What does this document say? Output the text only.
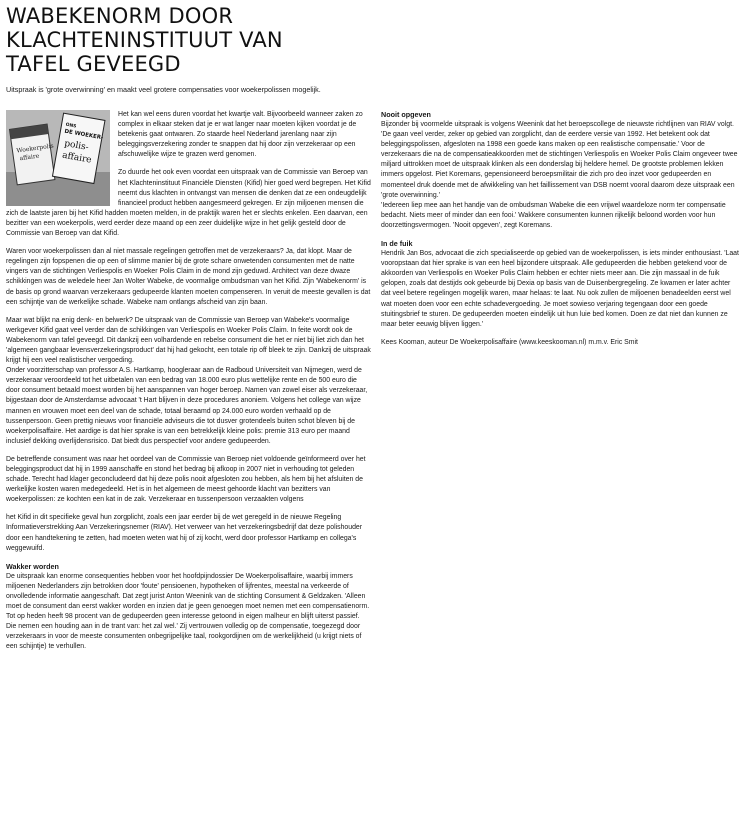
WABEKENORM DOOR
KLACHTENINSTITUUT VAN
TAFEL GEVEEGD

Uitspraak is 'grote overwinning' en maakt veel grotere compensaties voor woekerpolissen mogelijk.

Woekerpolis
affaire
ONS
DE WOEKER-
polis-
affaire

Het kan wel eens duren voordat het kwartje valt. Bijvoorbeeld wanneer zaken zo complex in elkaar steken dat je er wat langer naar moeten kijken voordat je de betekenis gaat ontwaren. Zo staarde heel Nederland jarenlang naar zijn beleggingsverzekering zonder te snappen dat hij door zijn verzekeraar op een afschuwelijke wijze te grazen werd genomen.

Zo duurde het ook even voordat een uitspraak van de Commissie van Beroep van het Klachteninstituut Financiële Diensten (Kifid) hier goed werd begrepen. Het Kifid neemt dus klachten in ontvangst van mensen die denken dat ze een ondeugdelijk financieel product hebben aangesmeerd gekregen. Er zijn miljoenen mensen die zich de laatste jaren bij het Kifid hadden moeten melden, in de praktijk waren het er slechts enkelen. Een daarvan, een bezitter van een woekerpolis, werd eerder deze maand op een zeer duidelijke wijze in het gelijk gesteld door de Commissie van Beroep van dat Kifid.

Waren voor woekerpolissen dan al niet massale regelingen getroffen met de verzekeraars? Ja, dat klopt. Maar de regelingen zijn fopspenen die op een of slimme manier bij de grote schare onwetenden consumenten met de natte vingers van de stichtingen Verliespolis en Woeker Polis Claim in de mond zijn geduwd. Architect van deze dwaze schikkingen was de weledele heer Jan Wolter Wabeke, de voormalige ombudsman van het Kifid. Zijn 'Wabekenorm' is de basis op grond waarvan verzekeraars gedupeerde klanten moeten compenseren. In veruit de meeste gevallen is dat een schijntje van de werkelijke schade. Wabeke nam ontlangs afscheid van zijn baan.

Maar wat blijkt na enig denk- en belwerk? De uitspraak van de Commissie van Beroep van Wabeke's voormalige werkgever Kifid gaat veel verder dan de schikkingen van Verliespolis en Woeker Polis Claim. In feite wordt ook de Wabekenorm van tafel geveegd. Dit dankzij een volhardende en rebelse consument die het er niet bij liet zich dan het 'algemeen gangbaar levensverzekeringsproduct' dat hij had gekocht, een totale rip off bleek te zijn. Dankzij de uitspraak krijgt hij een veel realistischer vergoeding.

Onder voorzitterschap van professor A.S. Hartkamp, hoogleraar aan de Radboud Universiteit van Nijmegen, werd de verzekeraar veroordeeld tot het uitbetalen van een bedrag van 18.000 euro plus wettelijke rente en de 500 euro die door consument betaald moest worden bij het aanspannen van hoger beroep. Namen van zowel eiser als verzekeraar, bijgestaan door de Amsterdamse advocaat 't Hart blijven in deze procedures anoniem. Volgens het college van wijze mannen en vrouwen moet een deel van de schade, totaal beraamd op 24.000 euro worden verhaald op de tussenpersoon. Geen prettig nieuws voor financiële adviseurs die tot dusver grotendeels buiten schot bleven bij de woekerpolisaffaire. Het aardige is dat hier sprake is van een betrekkelijk kleine polis: premie 313 euro per maand inclusief dekking overlijdensrisico. Dat biedt dus perspectief voor andere gedupeerden.

De betreffende consument was naar het oordeel van de Commissie van Beroep niet voldoende geïnformeerd over het beleggingsproduct dat hij in 1999 aanschaffe en stond het bedrag bij afkoop in 2007 niet in verhouding tot geleden schade. Terecht had klager geconcludeerd dat hij deze polis nooit afgesloten zou hebben, als hem bij het afsluiten de werkelijke kosten waren medegedeeld. Het is in het algemeen de meest gehoorde klacht van bezitters van woekerpolissen: ze kochten een kat in de zak. Verzekeraar en tussenpersoon verzaakten volgens

het Kifid in dit specifieke geval hun zorgplicht, zoals een jaar eerder bij de wet geregeld in de nieuwe Regeling Informatieverstrekking Aan Verzekeringsnemer (RIAV). Het verweer van het verzekeringsbedrijf dat deze polishouder door een handtekening te zetten, had moeten weten wat hij of zij kocht, werd door professor Hartkamp en collega's weggewuifd.

Wakker worden

De uitspraak kan enorme consequenties hebben voor het hoofdpijndossier De Woekerpolisaffaire, waarbij immers miljoenen Nederlanders zijn betrokken door 'foute' pensioenen, hypotheken of lijfrentes, meestal na verkeerde of onvolledende informatie aangeschaft. Dat zegt jurist Anton Weenink van de stichting Consument & Geldzaken. 'Alleen moet de consument dan eerst wakker worden en inzien dat je geen genoegen moet nemen met een compensatienorm. Tot op heden heeft 98 procent van de gedupeerden geen interesse getoond in eigen malheur en blijft uiterst passief. Die nemen een houding aan in de trant van: het zal wel.' Zij vertrouwen volledig op de compensatie, toegezegd door verzekeraars in voor de meeste consumenten onbegrijpelijke taal, rookgordijnen om de werkelijkheid (u krijgt niets of een schijntje) te verhullen.

Nooit opgeven

Bijzonder bij voormelde uitspraak is volgens Weenink dat het beroepscollege de nieuwste richtlijnen van RIAV volgt. 'De gaan veel verder, zeker op gebied van zorgplicht, dan de eerdere versie van 1992. Het betekent ook dat beleggingspolissen, afgesloten na 1998 een goede kans maken op een realistische compensatie.' Voor de verzekeraars die na de compensatieakkoorden met de stichtingen Verliespolis en Woeker Polis Claim ongeveer twee miljard uittrokken moet de uitspraak klinken als een donderslag bij heldere hemel. De grootste problemen lekken immers opgelost. Piet Koremans, gepensioneerd beroepsmilitair die zich pro deo inzet voor gedupeerden en momenteel druk doende met de afwikkeling van het faillissement van DSB noemt vooral daarom deze uitspraak een 'grote overwinning.'

'Iedereen liep mee aan het handje van de ombudsman Wabeke die een vrijwel waardeloze norm ter compensatie bedacht. Niets meer of minder dan een fooi.' Wakkere consumenten kunnen rijkelijk beloond worden voor hun doorzettingsvermogen. 'Nooit opgeven', zegt Koremans.

In de fuik

Hendrik Jan Bos, advocaat die zich specialiseerde op gebied van de woekerpolissen, is iets minder enthousiast. 'Laat vooropstaan dat hier sprake is van een heel bijzondere uitspraak. Alle gedupeerden die hebben getekend voor de akkoorden van Verliespolis en Woeker Polis Claim hebben er echter niets meer aan. Die zijn massaal in de fuik gelopen, zoals dat destijds ook gebeurde bij Dexia op basis van de Duisenbergregeling. Ze kwamen er later achter dat veel betere regelingen mogelijk waren, maar helaas: te laat. Nu ook zullen de miljoenen benadeelden eerst wel wat moeten doen voor een echte schadevergoeding. Je moet sowieso verjaring tegengaan door een goede stuitingsbrief te sturen. De gedupeerden moeten eindelijk uit hun luie bed komen. Doen ze dat niet dan kunnen ze maar beter eeuwig blijven liggen.'

Kees Kooman, auteur De Woekerpolisaffaire (www.keeskooman.nl) m.m.v. Eric Smit
